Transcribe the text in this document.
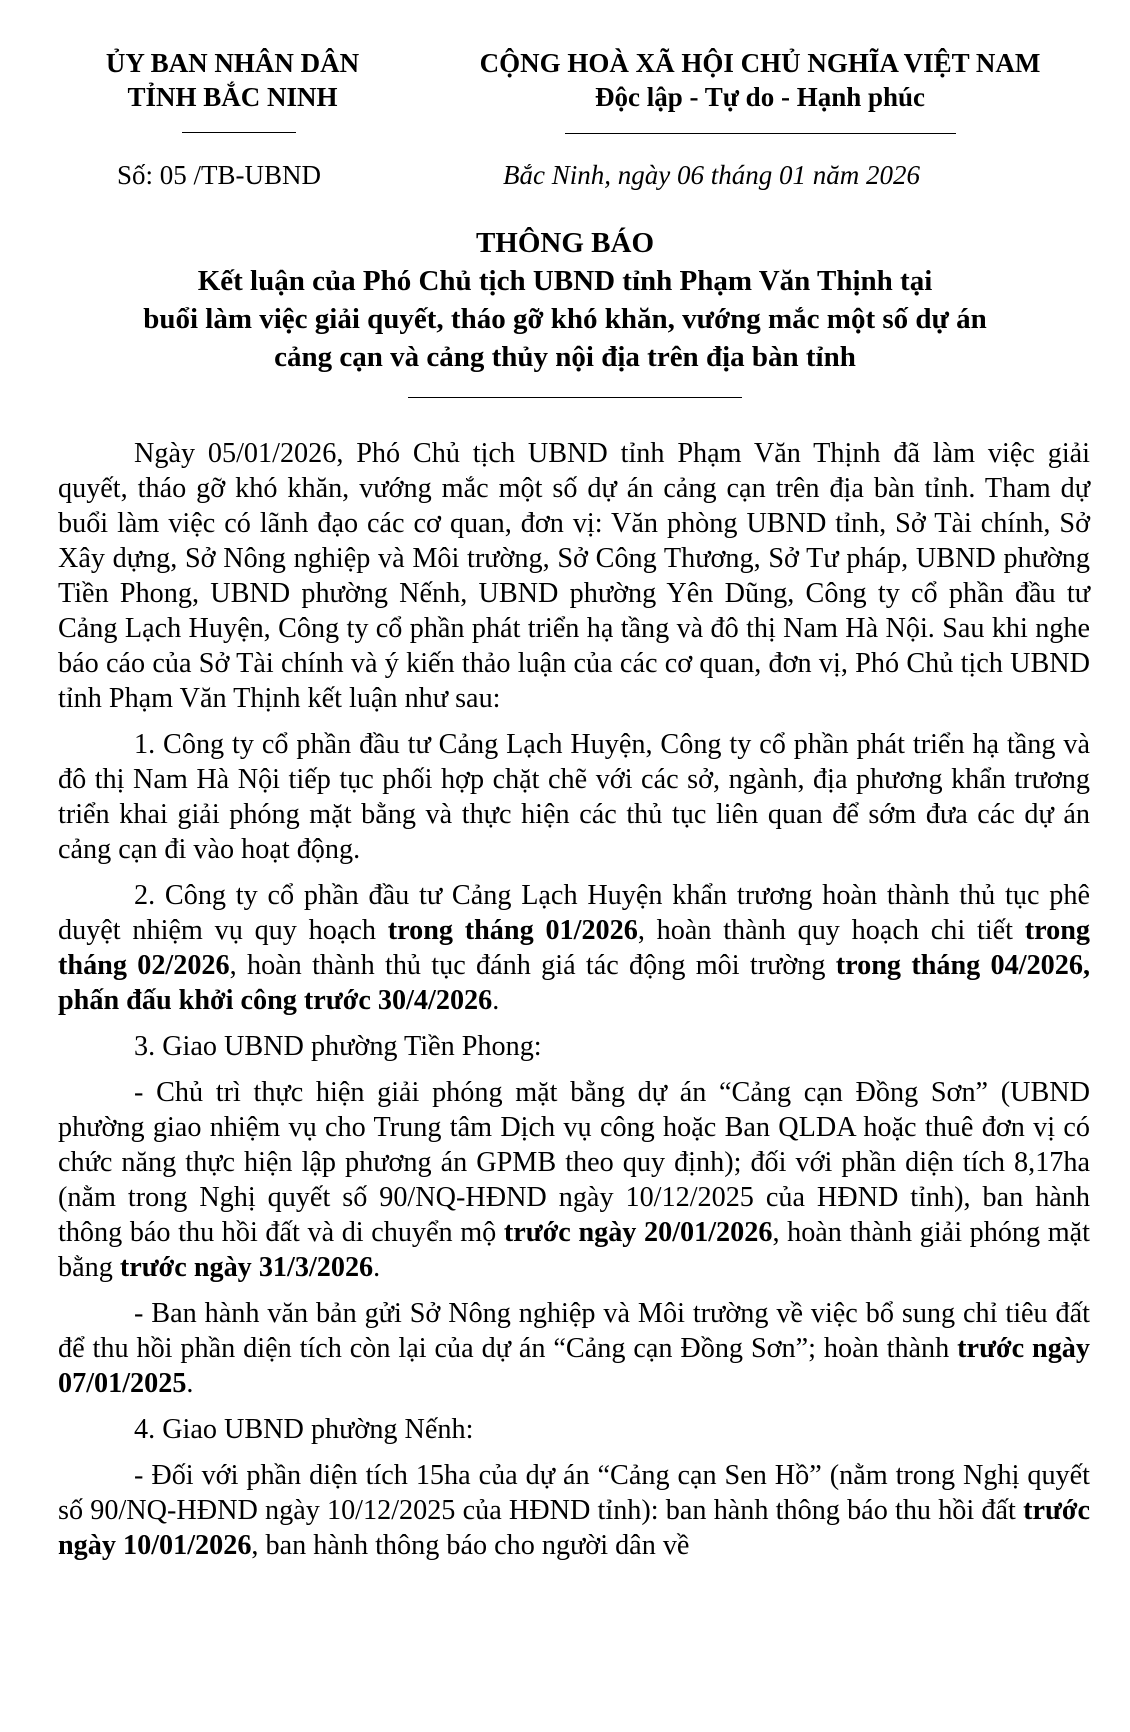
ỦY BAN NHÂN DÂN
TỈNH BẮC NINH
CỘNG HOÀ XÃ HỘI CHỦ NGHĨA VIỆT NAM
Độc lập - Tự do - Hạnh phúc
Số: 05 /TB-UBND	Bắc Ninh, ngày 06 tháng 01 năm 2026
THÔNG BÁO
Kết luận của Phó Chủ tịch UBND tỉnh Phạm Văn Thịnh tại
buổi làm việc giải quyết, tháo gỡ khó khăn, vướng mắc một số dự án
cảng cạn và cảng thủy nội địa trên địa bàn tỉnh

Ngày 05/01/2026, Phó Chủ tịch UBND tỉnh Phạm Văn Thịnh đã làm việc giải quyết, tháo gỡ khó khăn, vướng mắc một số dự án cảng cạn trên địa bàn tỉnh. Tham dự buổi làm việc có lãnh đạo các cơ quan, đơn vị: Văn phòng UBND tỉnh, Sở Tài chính, Sở Xây dựng, Sở Nông nghiệp và Môi trường, Sở Công Thương, Sở Tư pháp, UBND phường Tiền Phong, UBND phường Nếnh, UBND phường Yên Dũng, Công ty cổ phần đầu tư Cảng Lạch Huyện, Công ty cổ phần phát triển hạ tầng và đô thị Nam Hà Nội. Sau khi nghe báo cáo của Sở Tài chính và ý kiến thảo luận của các cơ quan, đơn vị, Phó Chủ tịch UBND tỉnh Phạm Văn Thịnh kết luận như sau:

1. Công ty cổ phần đầu tư Cảng Lạch Huyện, Công ty cổ phần phát triển hạ tầng và đô thị Nam Hà Nội tiếp tục phối hợp chặt chẽ với các sở, ngành, địa phương khẩn trương triển khai giải phóng mặt bằng và thực hiện các thủ tục liên quan để sớm đưa các dự án cảng cạn đi vào hoạt động.

2. Công ty cổ phần đầu tư Cảng Lạch Huyện khẩn trương hoàn thành thủ tục phê duyệt nhiệm vụ quy hoạch trong tháng 01/2026, hoàn thành quy hoạch chi tiết trong tháng 02/2026, hoàn thành thủ tục đánh giá tác động môi trường trong tháng 04/2026, phấn đấu khởi công trước 30/4/2026.

3. Giao UBND phường Tiền Phong:

- Chủ trì thực hiện giải phóng mặt bằng dự án “Cảng cạn Đồng Sơn” (UBND phường giao nhiệm vụ cho Trung tâm Dịch vụ công hoặc Ban QLDA hoặc thuê đơn vị có chức năng thực hiện lập phương án GPMB theo quy định); đối với phần diện tích 8,17ha (nằm trong Nghị quyết số 90/NQ-HĐND ngày 10/12/2025 của HĐND tỉnh), ban hành thông báo thu hồi đất và di chuyển mộ trước ngày 20/01/2026, hoàn thành giải phóng mặt bằng trước ngày 31/3/2026.

- Ban hành văn bản gửi Sở Nông nghiệp và Môi trường về việc bổ sung chỉ tiêu đất để thu hồi phần diện tích còn lại của dự án “Cảng cạn Đồng Sơn”; hoàn thành trước ngày 07/01/2025.

4. Giao UBND phường Nếnh:

- Đối với phần diện tích 15ha của dự án “Cảng cạn Sen Hồ” (nằm trong Nghị quyết số 90/NQ-HĐND ngày 10/12/2025 của HĐND tỉnh): ban hành thông báo thu hồi đất trước ngày 10/01/2026, ban hành thông báo cho người dân về
